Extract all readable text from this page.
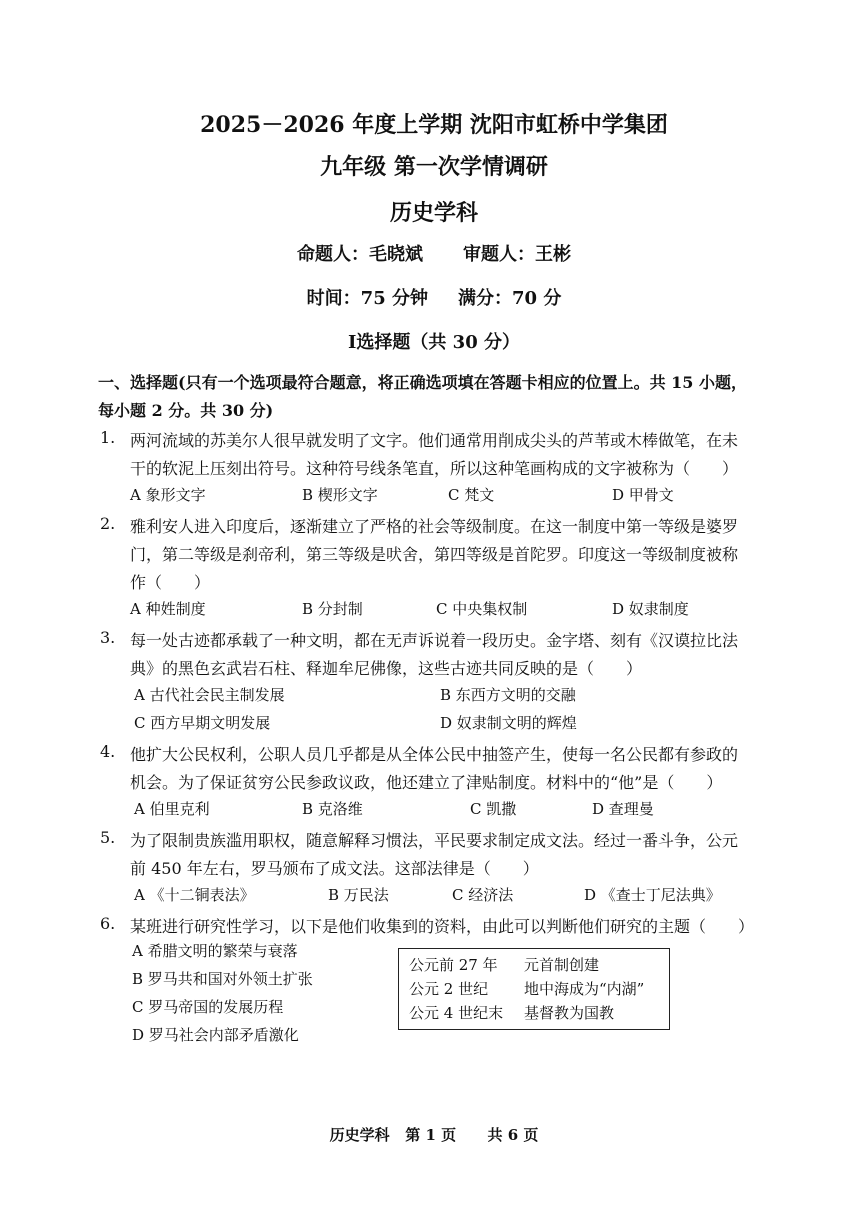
2025－2026 年度上学期 沈阳市虹桥中学集团
九年级 第一次学情调研
历史学科
命题人：毛晓斌 审题人：王彬
时间：75 分钟 满分：70 分
Ⅰ选择题（共 30 分）
一、选择题(只有一个选项最符合题意，将正确选项填在答题卡相应的位置上。共 15 小题，
每小题 2 分。共 30 分)
1. 两河流域的苏美尔人很早就发明了文字。他们通常用削成尖头的芦苇或木棒做笔，在未
干的软泥上压刻出符号。这种符号线条笔直，所以这种笔画构成的文字被称为（　　）
A 象形文字	B 楔形文字	C 梵文	D 甲骨文
2. 雅利安人进入印度后，逐渐建立了严格的社会等级制度。在这一制度中第一等级是婆罗
门，第二等级是刹帝利，第三等级是吠舍，第四等级是首陀罗。印度这一等级制度被称
作（　　）
A 种姓制度	B 分封制	C 中央集权制	D 奴隶制度
3. 每一处古迹都承载了一种文明，都在无声诉说着一段历史。金字塔、刻有《汉谟拉比法
典》的黑色玄武岩石柱、释迦牟尼佛像，这些古迹共同反映的是（　　）
A 古代社会民主制发展	B 东西方文明的交融
C 西方早期文明发展	D 奴隶制文明的辉煌
4. 他扩大公民权利，公职人员几乎都是从全体公民中抽签产生，使每一名公民都有参政的
机会。为了保证贫穷公民参政议政，他还建立了津贴制度。材料中的“他”是（　　）
A 伯里克利	B 克洛维	C 凯撒	D 查理曼
5. 为了限制贵族滥用职权，随意解释习惯法，平民要求制定成文法。经过一番斗争，公元
前 450 年左右，罗马颁布了成文法。这部法律是（　　）
A 《十二铜表法》	B 万民法	C 经济法	D 《查士丁尼法典》
6. 某班进行研究性学习，以下是他们收集到的资料，由此可以判断他们研究的主题（　　）
A 希腊文明的繁荣与衰落
B 罗马共和国对外领土扩张
C 罗马帝国的发展历程
D 罗马社会内部矛盾激化
公元前 27 年 元首制创建
公元 2 世纪 地中海成为“内湖”
公元 4 世纪末 基督教为国教
历史学科 第 1 页 共 6 页
